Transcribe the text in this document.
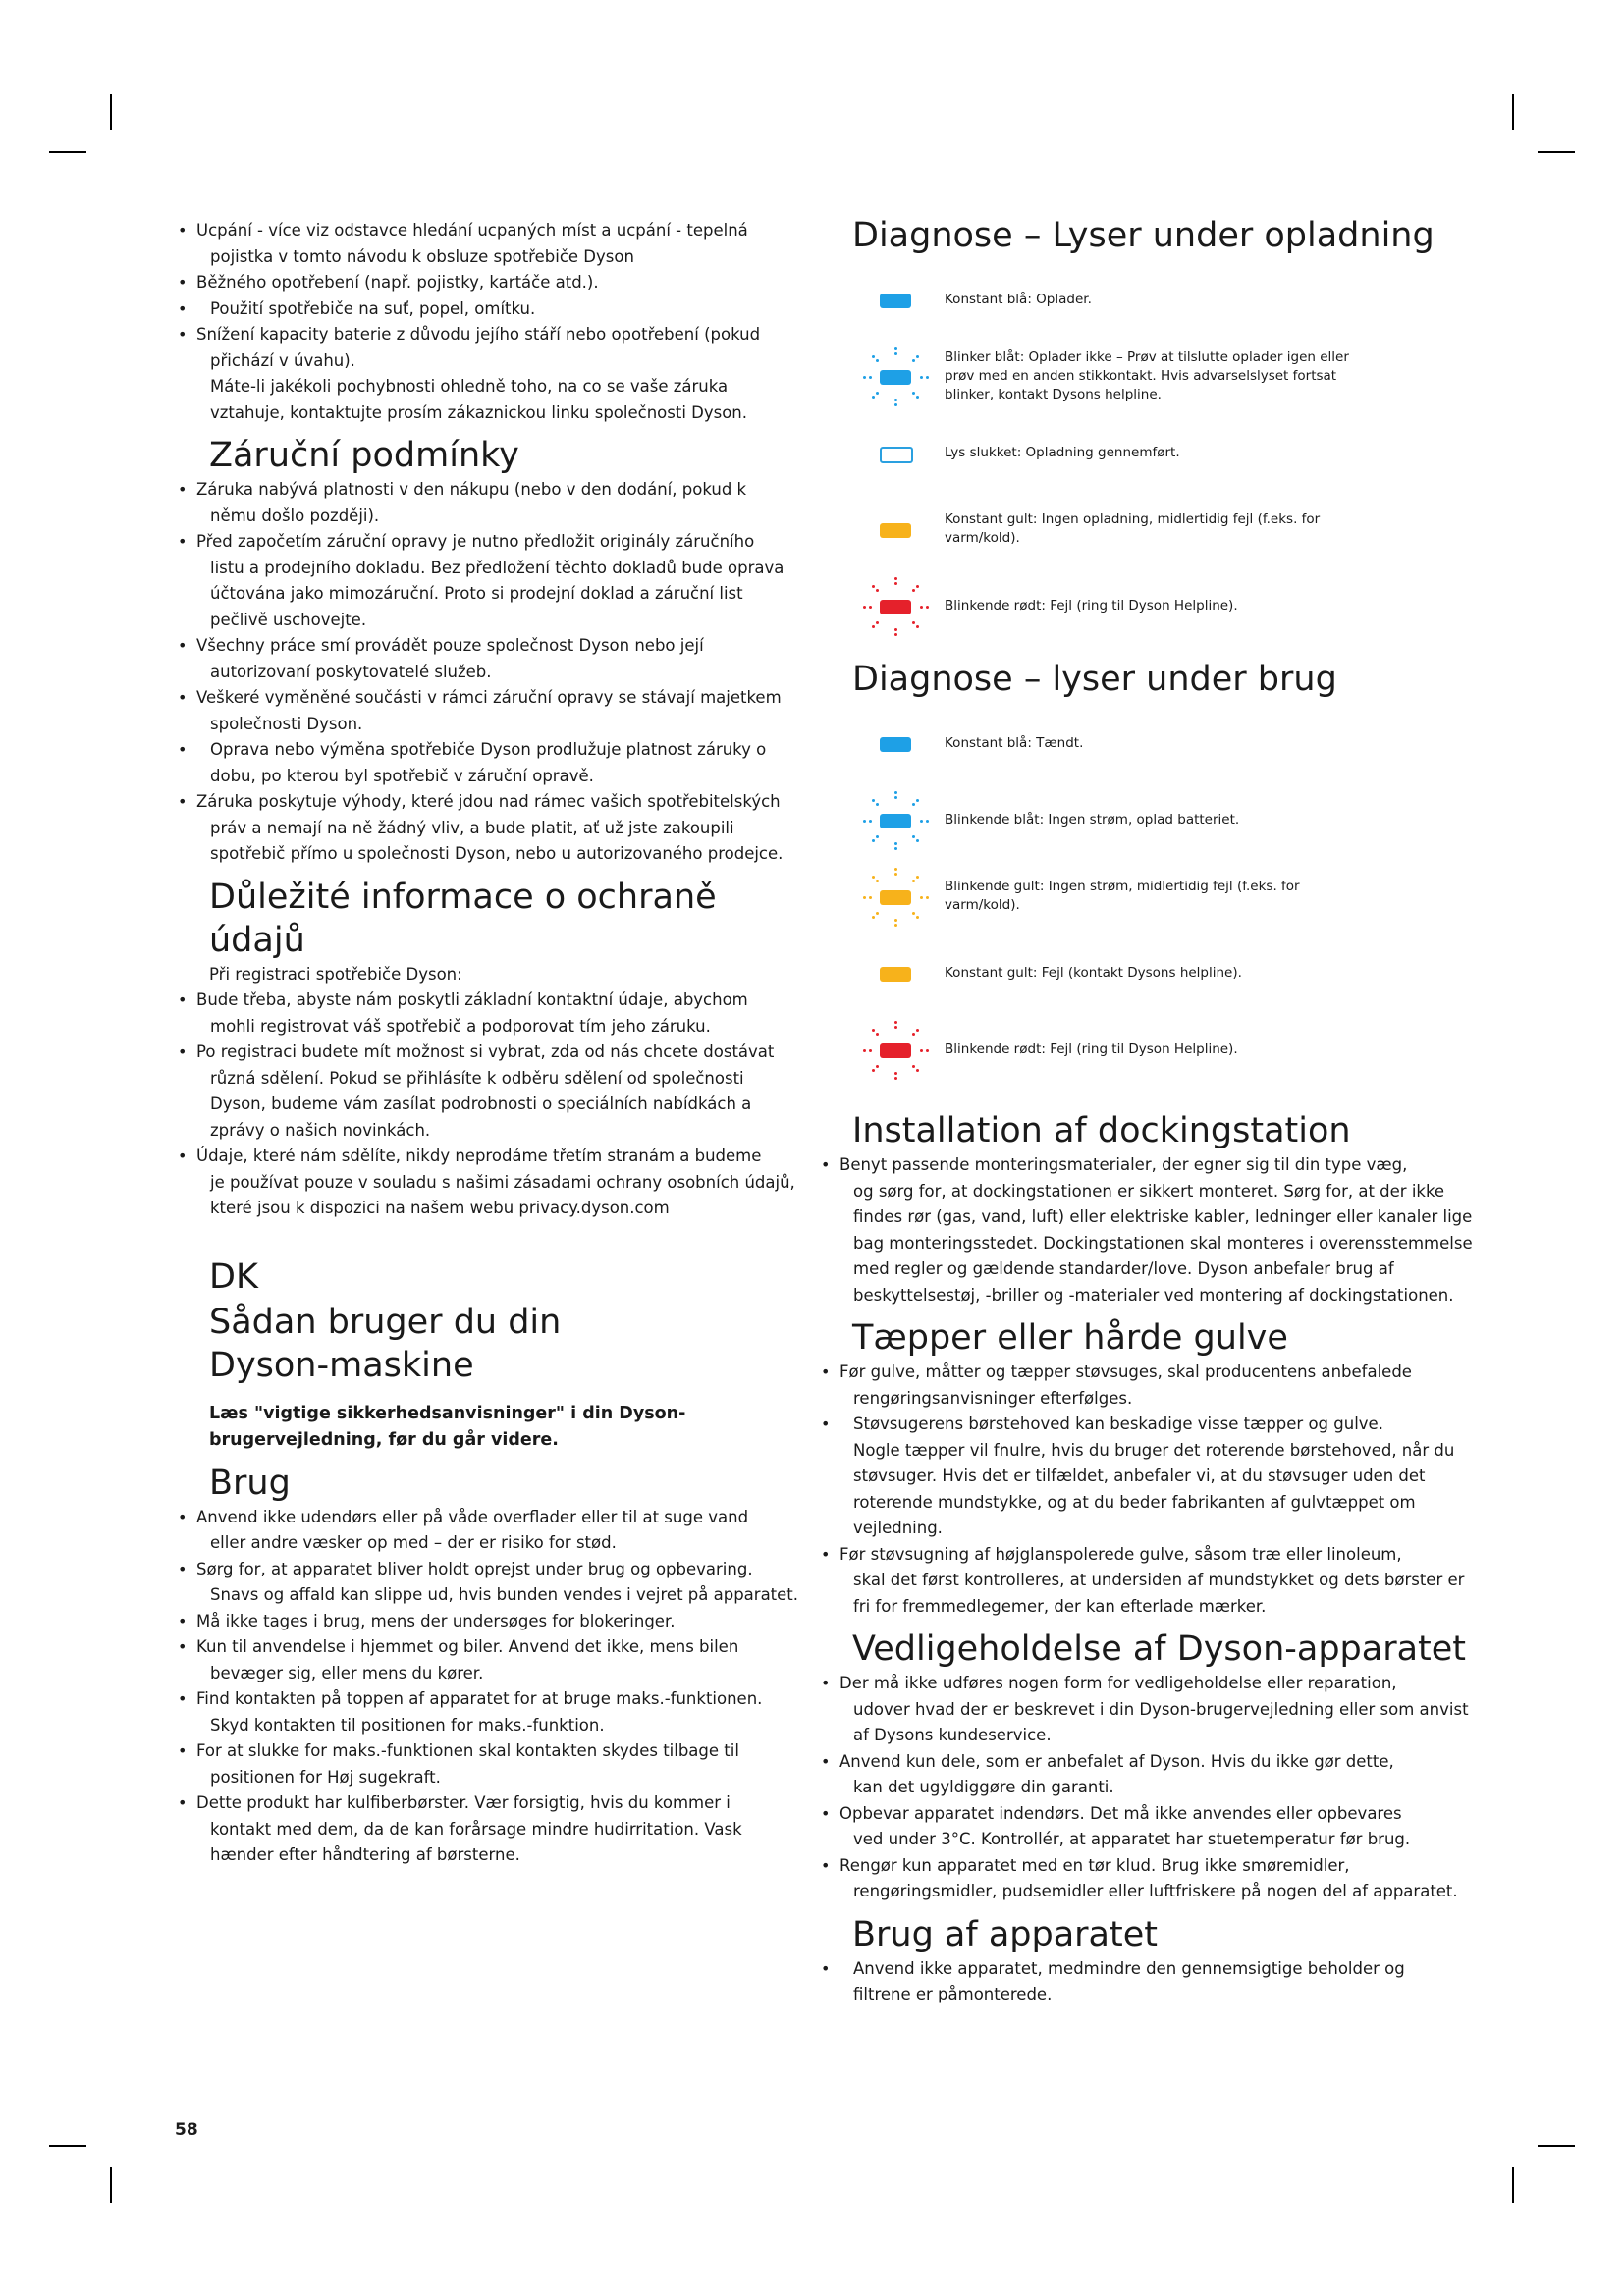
• Ucpání - více viz odstavce hledání ucpaných míst a ucpání - tepelná
pojistka v tomto návodu k obsluze spotřebiče Dyson
• Běžného opotřebení (např. pojistky, kartáče atd.).
• Použití spotřebiče na suť, popel, omítku.
• Snížení kapacity baterie z důvodu jejího stáří nebo opotřebení (pokud
přichází v úvahu).
Máte-li jakékoli pochybnosti ohledně toho, na co se vaše záruka vztahuje, kontaktujte prosím zákaznickou linku společnosti Dyson.
Záruční podmínky
• Záruka nabývá platnosti v den nákupu (nebo v den dodání, pokud k
němu došlo později).
• Před započetím záruční opravy je nutno předložit originály záručního
listu a prodejního dokladu. Bez předložení těchto dokladů bude oprava účtována jako mimozáruční. Proto si prodejní doklad a záruční list pečlivě uschovejte.
• Všechny práce smí provádět pouze společnost Dyson nebo její
autorizovaní poskytovatelé služeb.
• Veškeré vyměněné součásti v rámci záruční opravy se stávají majetkem
společnosti Dyson.
• Oprava nebo výměna spotřebiče Dyson prodlužuje platnost záruky o
dobu, po kterou byl spotřebič v záruční opravě.
• Záruka poskytuje výhody, které jdou nad rámec vašich spotřebitelských
práv a nemají na ně žádný vliv, a bude platit, ať už jste zakoupili spotřebič přímo u společnosti Dyson, nebo u autorizovaného prodejce.
Důležité informace o ochraně údajů
Při registraci spotřebiče Dyson:
• Bude třeba, abyste nám poskytli základní kontaktní údaje, abychom
mohli registrovat váš spotřebič a podporovat tím jeho záruku.
• Po registraci budete mít možnost si vybrat, zda od nás chcete dostávat
různá sdělení. Pokud se přihlásíte k odběru sdělení od společnosti Dyson, budeme vám zasílat podrobnosti o speciálních nabídkách a zprávy o našich novinkách.
• Údaje, které nám sdělíte, nikdy neprodáme třetím stranám a budeme
je používat pouze v souladu s našimi zásadami ochrany osobních údajů, které jsou k dispozici na našem webu privacy.dyson.com
DK
Sådan bruger du din Dyson-maskine
Læs "vigtige sikkerhedsanvisninger" i din Dyson-brugervejledning, før du går videre.
Brug
• Anvend ikke udendørs eller på våde overflader eller til at suge vand
eller andre væsker op med – der er risiko for stød.
• Sørg for, at apparatet bliver holdt oprejst under brug og opbevaring.
Snavs og affald kan slippe ud, hvis bunden vendes i vejret på apparatet.
• Må ikke tages i brug, mens der undersøges for blokeringer.
• Kun til anvendelse i hjemmet og biler. Anvend det ikke, mens bilen
bevæger sig, eller mens du kører.
• Find kontakten på toppen af apparatet for at bruge maks.-funktionen.
Skyd kontakten til positionen for maks.-funktion.
• For at slukke for maks.-funktionen skal kontakten skydes tilbage til
positionen for Høj sugekraft.
• Dette produkt har kulfiberbørster. Vær forsigtig, hvis du kommer i
kontakt med dem, da de kan forårsage mindre hudirritation. Vask hænder efter håndtering af børsterne.
Diagnose – Lyser under opladning
Konstant blå: Oplader.
Blinker blåt: Oplader ikke – Prøv at tilslutte oplader igen eller prøv med en anden stikkontakt. Hvis advarselslyset fortsat blinker, kontakt Dysons helpline.
Lys slukket: Opladning gennemført.
Konstant gult: Ingen opladning, midlertidig fejl (f.eks. for varm/kold).
Blinkende rødt: Fejl (ring til Dyson Helpline).
Diagnose – lyser under brug
Konstant blå: Tændt.
Blinkende blåt: Ingen strøm, oplad batteriet.
Blinkende gult: Ingen strøm, midlertidig fejl (f.eks. for varm/kold).
Konstant gult: Fejl (kontakt Dysons helpline).
Blinkende rødt: Fejl (ring til Dyson Helpline).
Installation af dockingstation
• Benyt passende monteringsmaterialer, der egner sig til din type væg,
og sørg for, at dockingstationen er sikkert monteret. Sørg for, at der ikke findes rør (gas, vand, luft) eller elektriske kabler, ledninger eller kanaler lige bag monteringsstedet. Dockingstationen skal monteres i overensstemmelse med regler og gældende standarder/love. Dyson anbefaler brug af beskyttelsestøj, -briller og -materialer ved montering af dockingstationen.
Tæpper eller hårde gulve
• Før gulve, måtter og tæpper støvsuges, skal producentens anbefalede
rengøringsanvisninger efterfølges.
• Støvsugerens børstehoved kan beskadige visse tæpper og gulve.
Nogle tæpper vil fnulre, hvis du bruger det roterende børstehoved, når du støvsuger. Hvis det er tilfældet, anbefaler vi, at du støvsuger uden det roterende mundstykke, og at du beder fabrikanten af gulvtæppet om vejledning.
• Før støvsugning af højglanspolerede gulve, såsom træ eller linoleum,
skal det først kontrolleres, at undersiden af mundstykket og dets børster er fri for fremmedlegemer, der kan efterlade mærker.
Vedligeholdelse af Dyson-apparatet
• Der må ikke udføres nogen form for vedligeholdelse eller reparation,
udover hvad der er beskrevet i din Dyson-brugervejledning eller som anvist af Dysons kundeservice.
• Anvend kun dele, som er anbefalet af Dyson. Hvis du ikke gør dette,
kan det ugyldiggøre din garanti.
• Opbevar apparatet indendørs. Det må ikke anvendes eller opbevares
ved under 3°C. Kontrollér, at apparatet har stuetemperatur før brug.
• Rengør kun apparatet med en tør klud. Brug ikke smøremidler,
rengøringsmidler, pudsemidler eller luftfriskere på nogen del af apparatet.
Brug af apparatet
• Anvend ikke apparatet, medmindre den gennemsigtige beholder og
filtrene er påmonterede.
58
